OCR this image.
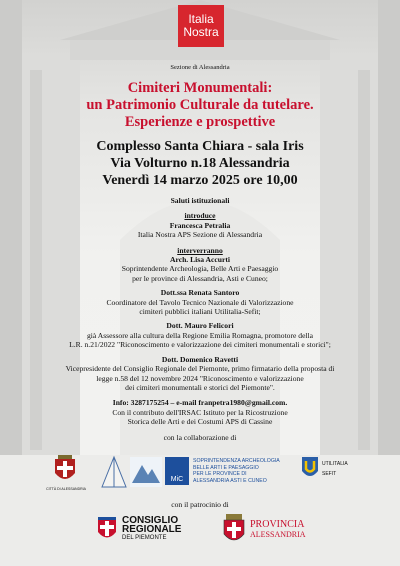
Italia
Nostra
Sezione di Alessandria
Cimiteri Monumentali:
un Patrimonio Culturale da tutelare.
Esperienze e prospettive
Complesso Santa Chiara - sala Iris
Via Volturno n.18 Alessandria
Venerdì 14 marzo 2025 ore 10,00
Saluti istituzionali
introduce
Francesca Petralia
Italia Nostra APS Sezione di Alessandria
interverranno
Arch. Lisa Accurti
Soprintendente Archeologia, Belle Arti e Paesaggio
per le province di Alessandria, Asti e Cuneo;
Dott.ssa Renata Santoro
Coordinatore del Tavolo Tecnico Nazionale di Valorizzazione
cimiteri pubblici italiani Utilitalia-Sefit;
Dott. Mauro Felicori
già Assessore alla cultura della Regione Emilia Romagna, promotore della
L.R. n.21/2022 "Riconoscimento e valorizzazione dei cimiteri monumentali e storici";
Dott. Domenico Ravetti
Vicepresidente del Consiglio Regionale del Piemonte, primo firmatario della proposta di
legge n.58 del 12 novembre 2024 "Riconoscimento e valorizzazione
dei cimiteri monumentali e storici del Piemonte".
Info: 3287175254 – e-mail franpetra1980@gmail.com.
Con il contributo dell'IRSAC Istituto per la Ricostruzione
Storica delle Arti e dei Costumi APS di Cassine
con la collaborazione di
CITTÀ DI ALESSANDRIA
MiC
SOPRINTENDENZA ARCHEOLOGIA
BELLE ARTI E PAESAGGIO
PER LE PROVINCE DI
ALESSANDRIA ASTI E CUNEO
UTILITALIA
SEFIT
con il patrocinio di
CONSIGLIO
REGIONALE
DEL PIEMONTE
PROVINCIA
ALESSANDRIA
